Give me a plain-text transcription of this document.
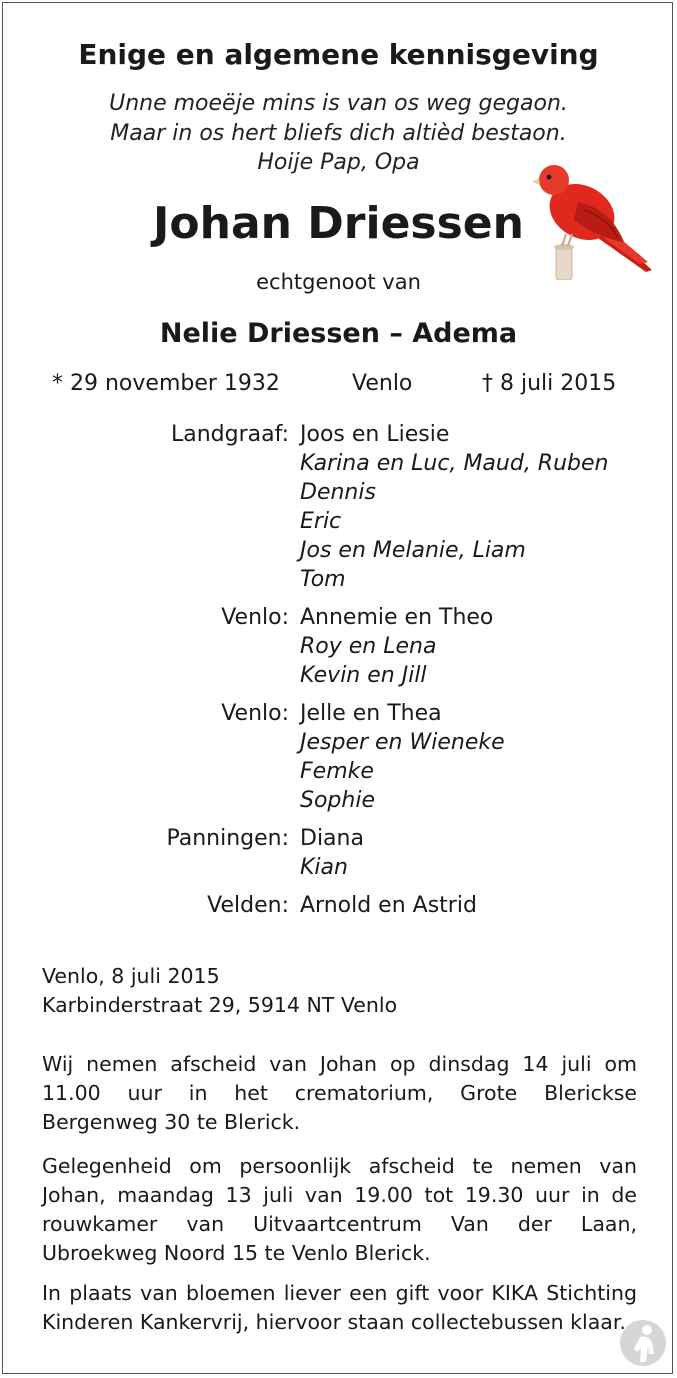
Enige en algemene kennisgeving
Unne moeëje mins is van os weg gegaon.
Maar in os hert bliefs dich altièd bestaon.
Hoije Pap, Opa
Johan Driessen
echtgenoot van
Nelie Driessen – Adema
* 29 november 1932	Venlo	† 8 juli 2015
Landgraaf: Joos en Liesie
Karina en Luc, Maud, Ruben
Dennis
Eric
Jos en Melanie, Liam
Tom
Venlo: Annemie en Theo
Roy en Lena
Kevin en Jill
Venlo: Jelle en Thea
Jesper en Wieneke
Femke
Sophie
Panningen: Diana
Kian
Velden: Arnold en Astrid
Venlo, 8 juli 2015
Karbinderstraat 29, 5914 NT Venlo
Wij nemen afscheid van Johan op dinsdag 14 juli om 11.00 uur in het crematorium, Grote Blerickse Bergenweg 30 te Blerick.
Gelegenheid om persoonlijk afscheid te nemen van Johan, maandag 13 juli van 19.00 tot 19.30 uur in de rouwkamer van Uitvaartcentrum Van der Laan, Ubroekweg Noord 15 te Venlo Blerick.
In plaats van bloemen liever een gift voor KIKA Stichting Kinderen Kankervrij, hiervoor staan collectebussen klaar.
